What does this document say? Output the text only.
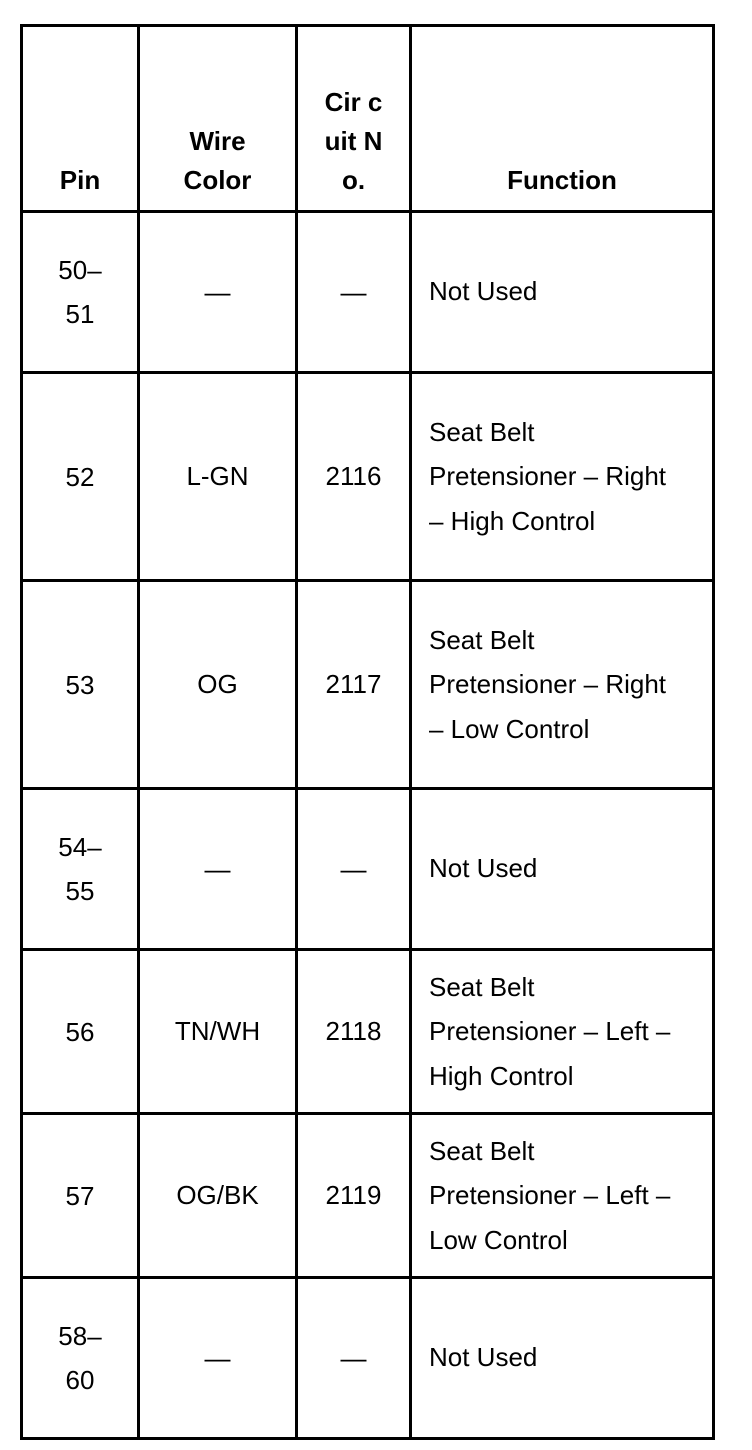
Pin	Wire Color	Cir cuit No.	Function

50–51	—	—	Not Used

52	L-GN	2116	Seat Belt Pretensioner – Right – High Control

53	OG	2117	Seat Belt Pretensioner – Right – Low Control

54–55	—	—	Not Used

56	TN/WH	2118	Seat Belt Pretensioner – Left – High Control

57	OG/BK	2119	Seat Belt Pretensioner – Left – Low Control

58–60	—	—	Not Used
